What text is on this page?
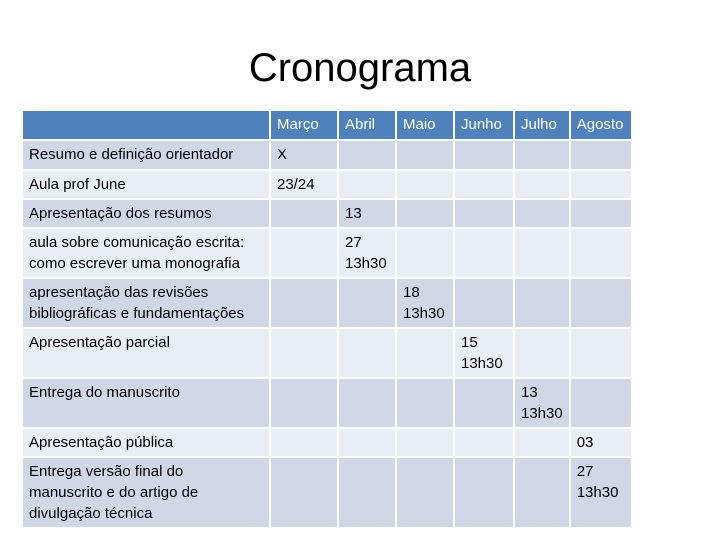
Cronograma
	Março	Abril	Maio	Junho	Julho	Agosto

Resumo e definição orientador	X					

Aula prof June	23/24					

Apresentação dos resumos		13				

aula sobre comunicação escrita:
como escrever uma monografia		27
13h30				

apresentação das revisões
bibliográficas e fundamentações			18
13h30			

Apresentação parcial				15
13h30		

Entrega do manuscrito					13
13h30	

Apresentação pública						03

Entrega versão final do
manuscrito e do artigo de
divulgação técnica						27
13h30
